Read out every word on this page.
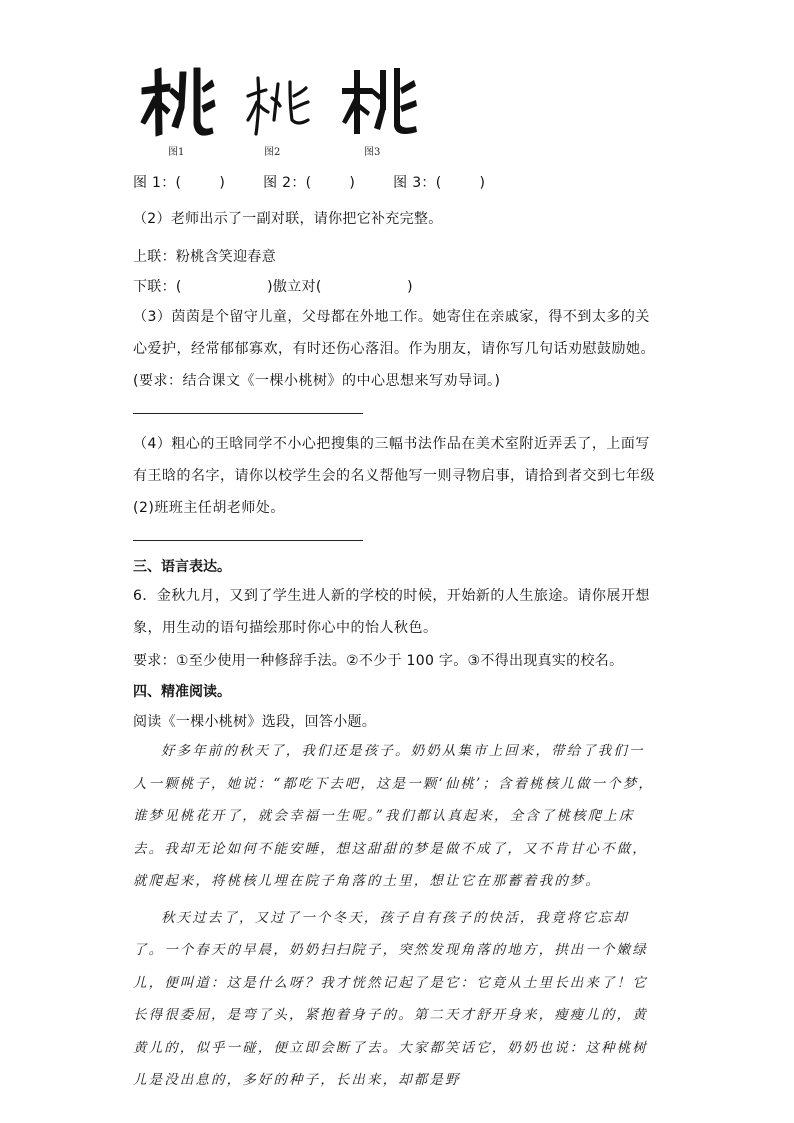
图1	图2	图3
图 1：(        )        图 2：(        )        图 3：(        )
（2）老师出示了一副对联，请你把它补充完整。
上联：粉桃含笑迎春意
下联：(                  )傲立对(                  )
（3）茵茵是个留守儿童，父母都在外地工作。她寄住在亲戚家，得不到太多的关心爱护，经常郁郁寡欢，有时还伤心落泪。作为朋友，请你写几句话劝慰鼓励她。(要求：结合课文《一棵小桃树》的中心思想来写劝导词。)
（4）粗心的王晗同学不小心把搜集的三幅书法作品在美术室附近弄丢了，上面写有王晗的名字，请你以校学生会的名义帮他写一则寻物启事，请拾到者交到七年级(2)班班主任胡老师处。
三、语言表达。
6．金秋九月，又到了学生进人新的学校的时候，开始新的人生旅途。请你展开想象，用生动的语句描绘那时你心中的怡人秋色。
要求：①至少使用一种修辞手法。②不少于 100 字。③不得出现真实的校名。
四、精准阅读。
阅读《一棵小桃树》选段，回答小题。

好多年前的秋天了，我们还是孩子。奶奶从集市上回来，带给了我们一人一颗桃子，她说：“都吃下去吧，这是一颗‘仙桃’；含着桃核儿做一个梦，谁梦见桃花开了，就会幸福一生呢。”我们都认真起来，全含了桃核爬上床去。我却无论如何不能安睡，想这甜甜的梦是做不成了，又不肯甘心不做，就爬起来，将桃核儿埋在院子角落的土里，想让它在那蓄着我的梦。

秋天过去了，又过了一个冬天，孩子自有孩子的快活，我竟将它忘却了。一个春天的早晨，奶奶扫扫院子，突然发现角落的地方，拱出一个嫩绿儿，便叫道：这是什么呀？我才恍然记起了是它：它竟从土里长出来了！它长得很委屈，是弯了头，紧抱着身子的。第二天才舒开身来，瘦瘦儿的，黄黄儿的，似乎一碰，便立即会断了去。大家都笑话它，奶奶也说：这种桃树儿是没出息的，多好的种子，长出来，却都是野
